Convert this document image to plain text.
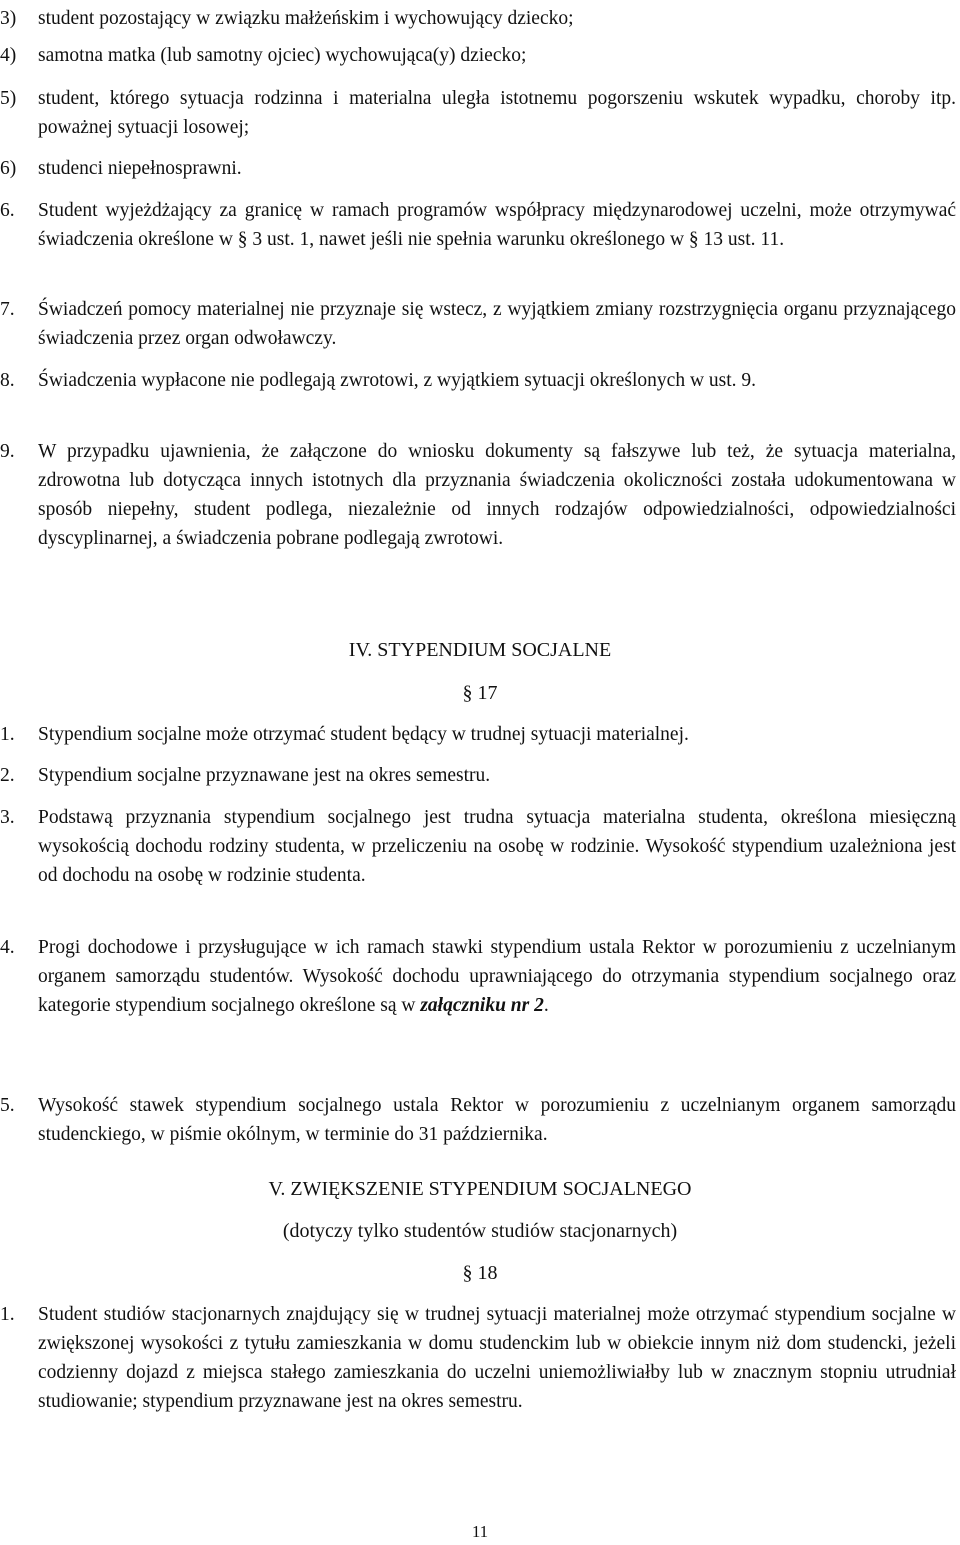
3) student pozostający w związku małżeńskim i wychowujący dziecko;
4) samotna matka (lub samotny ojciec) wychowująca(y) dziecko;
5) student, którego sytuacja rodzinna i materialna uległa istotnemu pogorszeniu wskutek wypadku, choroby itp. poważnej sytuacji losowej;
6) studenci niepełnosprawni.
6. Student wyjeżdżający za granicę w ramach programów współpracy międzynarodowej uczelni, może otrzymywać świadczenia określone w § 3 ust. 1, nawet jeśli nie spełnia warunku określonego w § 13 ust. 11.
7. Świadczeń pomocy materialnej nie przyznaje się wstecz, z wyjątkiem zmiany rozstrzygnięcia organu przyznającego świadczenia przez organ odwoławczy.
8. Świadczenia wypłacone nie podlegają zwrotowi, z wyjątkiem sytuacji określonych w ust. 9.
9. W przypadku ujawnienia, że załączone do wniosku dokumenty są fałszywe lub też, że sytuacja materialna, zdrowotna lub dotycząca innych istotnych dla przyznania świadczenia okoliczności została udokumentowana w sposób niepełny, student podlega, niezależnie od innych rodzajów odpowiedzialności, odpowiedzialności dyscyplinarnej, a świadczenia pobrane podlegają zwrotowi.
IV. STYPENDIUM SOCJALNE
§ 17
1. Stypendium socjalne może otrzymać student będący w trudnej sytuacji materialnej.
2. Stypendium socjalne przyznawane jest na okres semestru.
3. Podstawą przyznania stypendium socjalnego jest trudna sytuacja materialna studenta, określona miesięczną wysokością dochodu rodziny studenta, w przeliczeniu na osobę w rodzinie. Wysokość stypendium uzależniona jest od dochodu na osobę w rodzinie studenta.
4. Progi dochodowe i przysługujące w ich ramach stawki stypendium ustala Rektor w porozumieniu z uczelnianym organem samorządu studentów. Wysokość dochodu uprawniającego do otrzymania stypendium socjalnego oraz kategorie stypendium socjalnego określone są w załączniku nr 2.
5. Wysokość stawek stypendium socjalnego ustala Rektor w porozumieniu z uczelnianym organem samorządu studenckiego, w piśmie okólnym, w terminie do 31 października.
V. ZWIĘKSZENIE STYPENDIUM SOCJALNEGO
(dotyczy tylko studentów studiów stacjonarnych)
§ 18
1. Student studiów stacjonarnych znajdujący się w trudnej sytuacji materialnej może otrzymać stypendium socjalne w zwiększonej wysokości z tytułu zamieszkania w domu studenckim lub w obiekcie innym niż dom studencki, jeżeli codzienny dojazd z miejsca stałego zamieszkania do uczelni uniemożliwiałby lub w znacznym stopniu utrudniał studiowanie; stypendium przyznawane jest na okres semestru.
11
